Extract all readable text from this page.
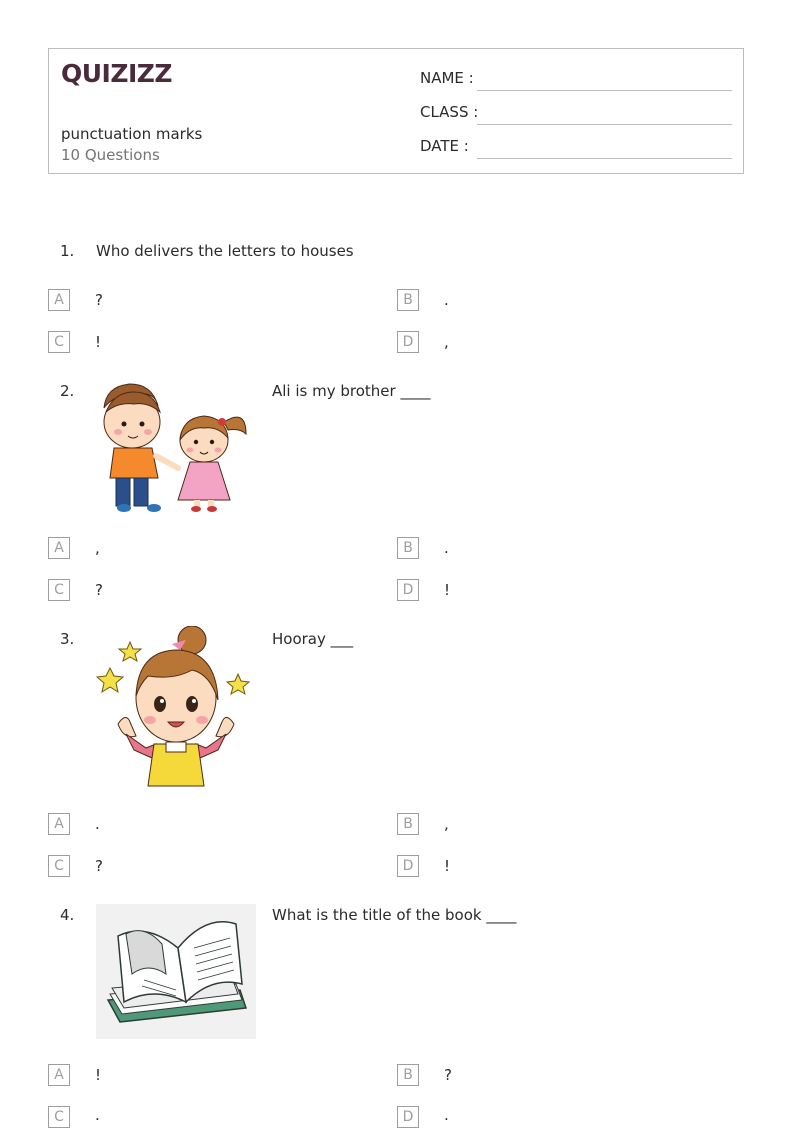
QUIZIZZ
punctuation marks
10 Questions
NAME :
CLASS :
DATE :
1. Who delivers the letters to houses
A	?	B	.
C	!	D	,
2.	Ali is my brother ____
A	,	B	.
C	?	D	!
3.	Hooray ___
A	.	B	,
C	?	D	!
4.	What is the title of the book ____
A	!	B	?
C	.	D	.
